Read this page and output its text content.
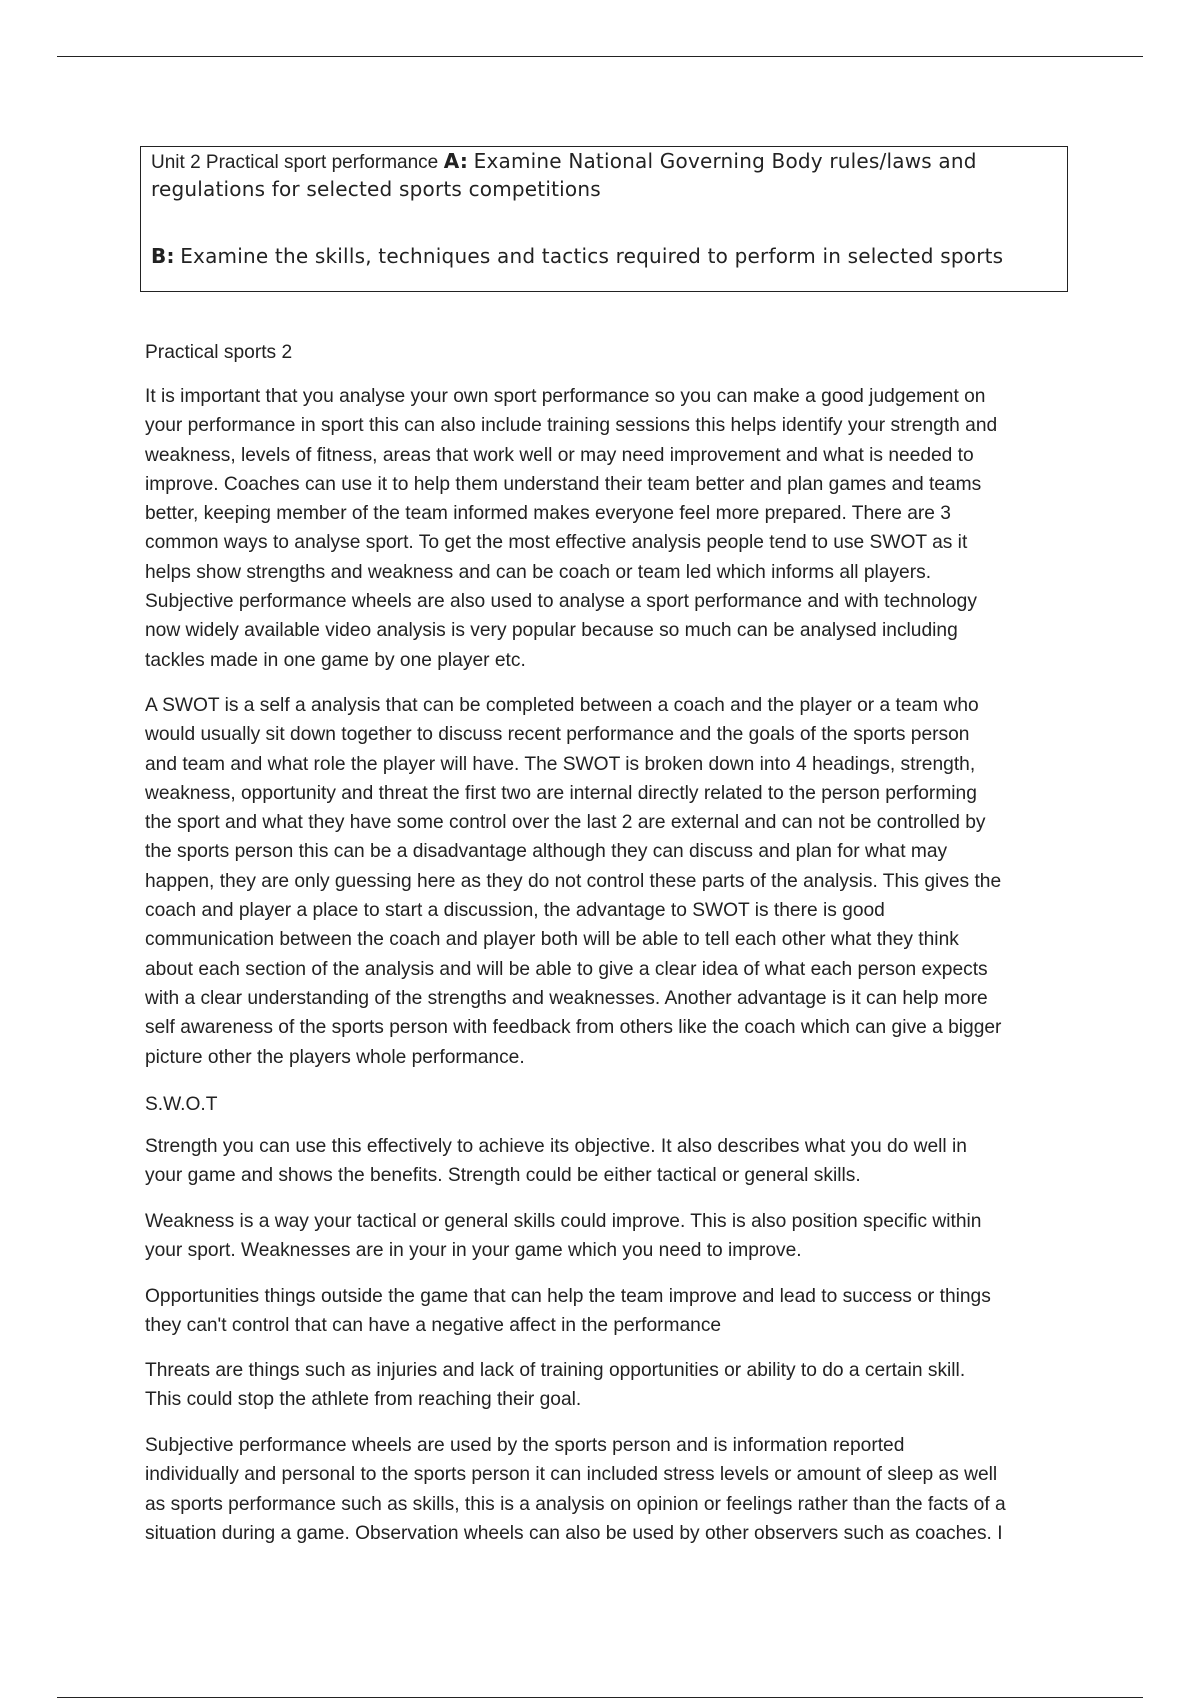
Unit 2 Practical sport performance A: Examine National Governing Body rules/laws and

regulations for selected sports competitions

B: Examine the skills, techniques and tactics required to perform in selected sports

Practical sports 2

It is important that you analyse your own sport performance so you can make a good judgement on

your performance in sport this can also include training sessions this helps identify your strength and

weakness, levels of fitness, areas that work well or may need improvement and what is needed to

improve. Coaches can use it to help them understand their team better and plan games and teams

better, keeping member of the team informed makes everyone feel more prepared. There are 3

common ways to analyse sport. To get the most effective analysis people tend to use SWOT as it

helps show strengths and weakness and can be coach or team led which informs all players.

Subjective performance wheels are also used to analyse a sport performance and with technology

now widely available video analysis is very popular because so much can be analysed including

tackles made in one game by one player etc.

A SWOT is a self a analysis that can be completed between a coach and the player or a team who

would usually sit down together to discuss recent performance and the goals of the sports person

and team and what role the player will have. The SWOT is broken down into 4 headings, strength,

weakness, opportunity and threat the first two are internal directly related to the person performing

the sport and what they have some control over the last 2 are external and can not be controlled by

the sports person this can be a disadvantage although they can discuss and plan for what may

happen, they are only guessing here as they do not control these parts of the analysis. This gives the

coach and player a place to start a discussion, the advantage to SWOT is there is good

communication between the coach and player both will be able to tell each other what they think

about each section of the analysis and will be able to give a clear idea of what each person expects

with a clear understanding of the strengths and weaknesses. Another advantage is it can help more

self awareness of the sports person with feedback from others like the coach which can give a bigger

picture other the players whole performance.

S.W.O.T

Strength you can use this effectively to achieve its objective. It also describes what you do well in

your game and shows the benefits. Strength could be either tactical or general skills.

Weakness is a way your tactical or general skills could improve. This is also position specific within

your sport. Weaknesses are in your in your game which you need to improve.

Opportunities things outside the game that can help the team improve and lead to success or things

they can't control that can have a negative affect in the performance

Threats are things such as injuries and lack of training opportunities or ability to do a certain skill.

This could stop the athlete from reaching their goal.

Subjective performance wheels are used by the sports person and is information reported

individually and personal to the sports person it can included stress levels or amount of sleep as well

as sports performance such as skills, this is a analysis on opinion or feelings rather than the facts of a

situation during a game. Observation wheels can also be used by other observers such as coaches. I
